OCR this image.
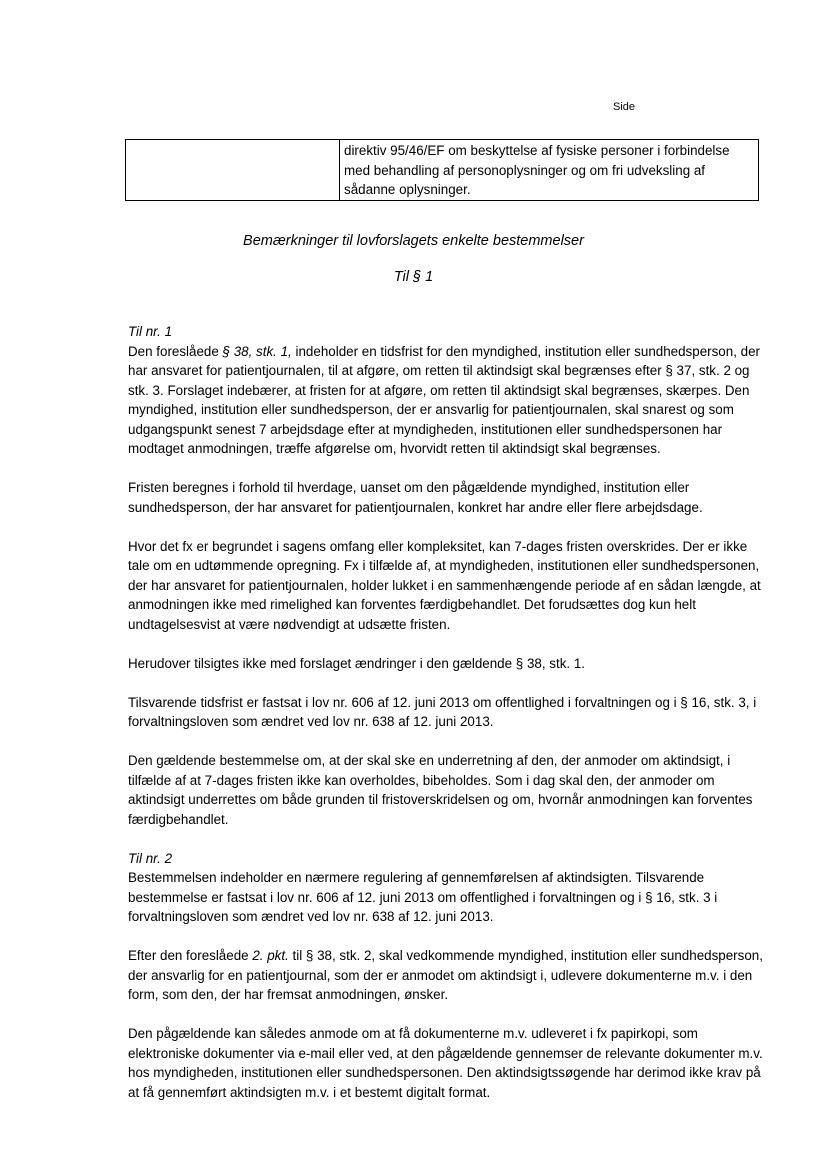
Side
	direktiv 95/46/EF om beskyttelse af fysiske personer i forbindelse med behandling af personoplysninger og om fri udveksling af sådanne oplysninger.
Bemærkninger til lovforslagets enkelte bestemmelser
Til § 1

Til nr. 1

Den foreslåede § 38, stk. 1, indeholder en tidsfrist for den myndighed, institution eller sundhedsperson, der har ansvaret for patientjournalen, til at afgøre, om retten til aktindsigt skal begrænses efter § 37, stk. 2 og stk. 3. Forslaget indebærer, at fristen for at afgøre, om retten til aktindsigt skal begrænses, skærpes. Den myndighed, institution eller sundhedsperson, der er ansvarlig for patientjournalen, skal snarest og som udgangspunkt senest 7 arbejdsdage efter at myndigheden, institutionen eller sundhedspersonen har modtaget anmodningen, træffe afgørelse om, hvorvidt retten til aktindsigt skal begrænses.

Fristen beregnes i forhold til hverdage, uanset om den pågældende myndighed, institution eller sundhedsperson, der har ansvaret for patientjournalen, konkret har andre eller flere arbejdsdage.

Hvor det fx er begrundet i sagens omfang eller kompleksitet, kan 7-dages fristen overskrides. Der er ikke tale om en udtømmende opregning. Fx i tilfælde af, at myndigheden, institutionen eller sundhedspersonen, der har ansvaret for patientjournalen, holder lukket i en sammenhængende periode af en sådan længde, at anmodningen ikke med rimelighed kan forventes færdigbehandlet. Det forudsættes dog kun helt undtagelsesvist at være nødvendigt at udsætte fristen.

Herudover tilsigtes ikke med forslaget ændringer i den gældende § 38, stk. 1.

Tilsvarende tidsfrist er fastsat i lov nr. 606 af 12. juni 2013 om offentlighed i forvaltningen og i § 16, stk. 3, i forvaltningsloven som ændret ved lov nr. 638 af 12. juni 2013.

Den gældende bestemmelse om, at der skal ske en underretning af den, der anmoder om aktindsigt, i tilfælde af at 7-dages fristen ikke kan overholdes, bibeholdes. Som i dag skal den, der anmoder om aktindsigt underrettes om både grunden til fristoverskridelsen og om, hvornår anmodningen kan forventes færdigbehandlet.

Til nr. 2

Bestemmelsen indeholder en nærmere regulering af gennemførelsen af aktindsigten. Tilsvarende bestemmelse er fastsat i lov nr. 606 af 12. juni 2013 om offentlighed i forvaltningen og i § 16, stk. 3 i forvaltningsloven som ændret ved lov nr. 638 af 12. juni 2013.

Efter den foreslåede 2. pkt. til § 38, stk. 2, skal vedkommende myndighed, institution eller sundhedsperson, der ansvarlig for en patientjournal, som der er anmodet om aktindsigt i, udlevere dokumenterne m.v. i den form, som den, der har fremsat anmodningen, ønsker.

Den pågældende kan således anmode om at få dokumenterne m.v. udleveret i fx papirkopi, som elektroniske dokumenter via e-mail eller ved, at den pågældende gennemser de relevante dokumenter m.v. hos myndigheden, institutionen eller sundhedspersonen. Den aktindsigtssøgende har derimod ikke krav på at få gennemført aktindsigten m.v. i et bestemt digitalt format.
